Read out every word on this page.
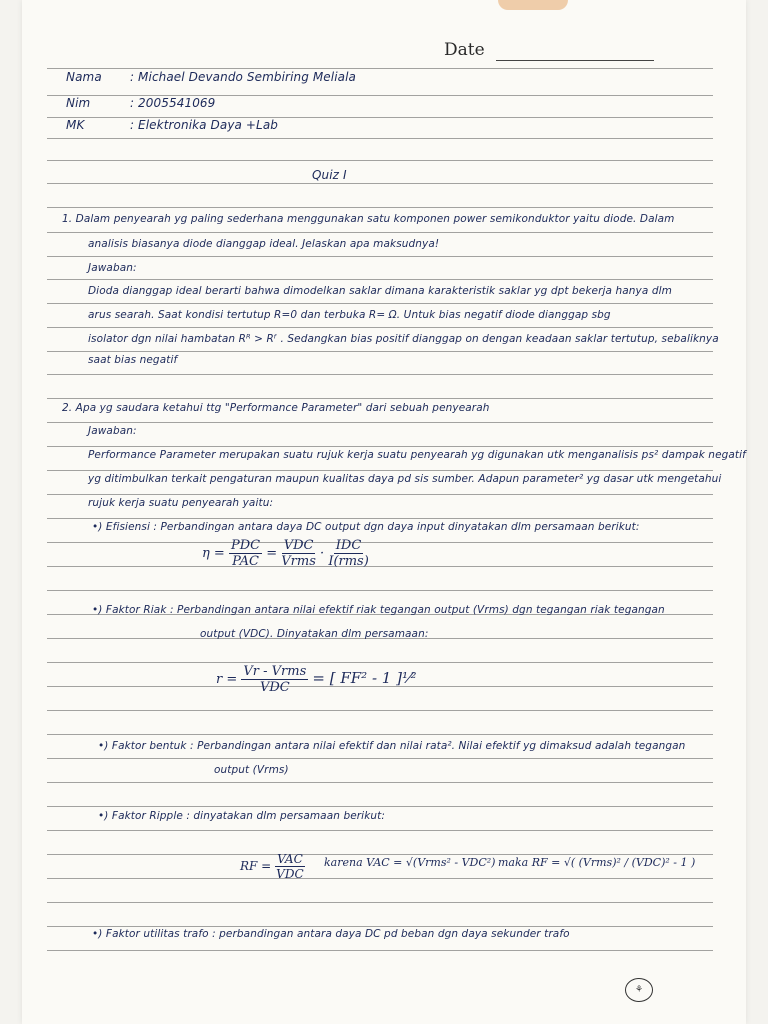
Date
Nama : Michael Devando Sembiring Meliala
Nim	: 2005541069
MK	: Elektronika Daya +Lab
Quiz I
1. Dalam penyearah yg paling sederhana menggunakan satu komponen power semikonduktor yaitu diode. Dalam
analisis biasanya diode dianggap ideal. Jelaskan apa maksudnya!
Jawaban:
Dioda dianggap ideal berarti bahwa dimodelkan saklar dimana karakteristik saklar yg dpt bekerja hanya dlm
arus searah. Saat kondisi tertutup R=0 dan terbuka R= Ω. Untuk bias negatif diode dianggap sbg
isolator dgn nilai hambatan Rᴿ > Rᶠ . Sedangkan bias positif dianggap on dengan keadaan saklar tertutup, sebaliknya
saat bias negatif
2. Apa yg saudara ketahui ttg "Performance Parameter" dari sebuah penyearah
Jawaban:
Performance Parameter merupakan suatu rujuk kerja suatu penyearah yg digunakan utk menganalisis ps² dampak negatif
yg ditimbulkan terkait pengaturan maupun kualitas daya pd sis sumber. Adapun parameter² yg dasar utk mengetahui
rujuk kerja suatu penyearah yaitu:
•) Efisiensi : Perbandingan antara daya DC output dgn daya input dinyatakan dlm persamaan berikut:
$\eta = \frac{\text{PDC}}{\text{PAC}} = \frac{\text{VDC}}{\text{Vrms}} \cdot \frac{\text{IDC}}{\text{I(rms)}}$
•) Faktor Riak : Perbandingan antara nilai efektif riak tegangan output (Vrms) dgn tegangan riak tegangan
output (VDC). Dinyatakan dlm persamaan:
$r = \frac{\text{Vr - Vrms}}{\text{VDC}}$ = [ FF² - 1 ]¹⁄²
•) Faktor bentuk : Perbandingan antara nilai efektif dan nilai rata². Nilai efektif yg dimaksud adalah tegangan
output (Vrms)
•) Faktor Ripple : dinyatakan dlm persamaan berikut:
RF = $\frac{\text{VAC}}{\text{VDC}}$ karena VAC = √(Vrms² - VDC²) maka RF = √( (Vrms)² / (VDC)² - 1 )
•) Faktor utilitas trafo : perbandingan antara daya DC pd beban dgn daya sekunder trafo
⚘
